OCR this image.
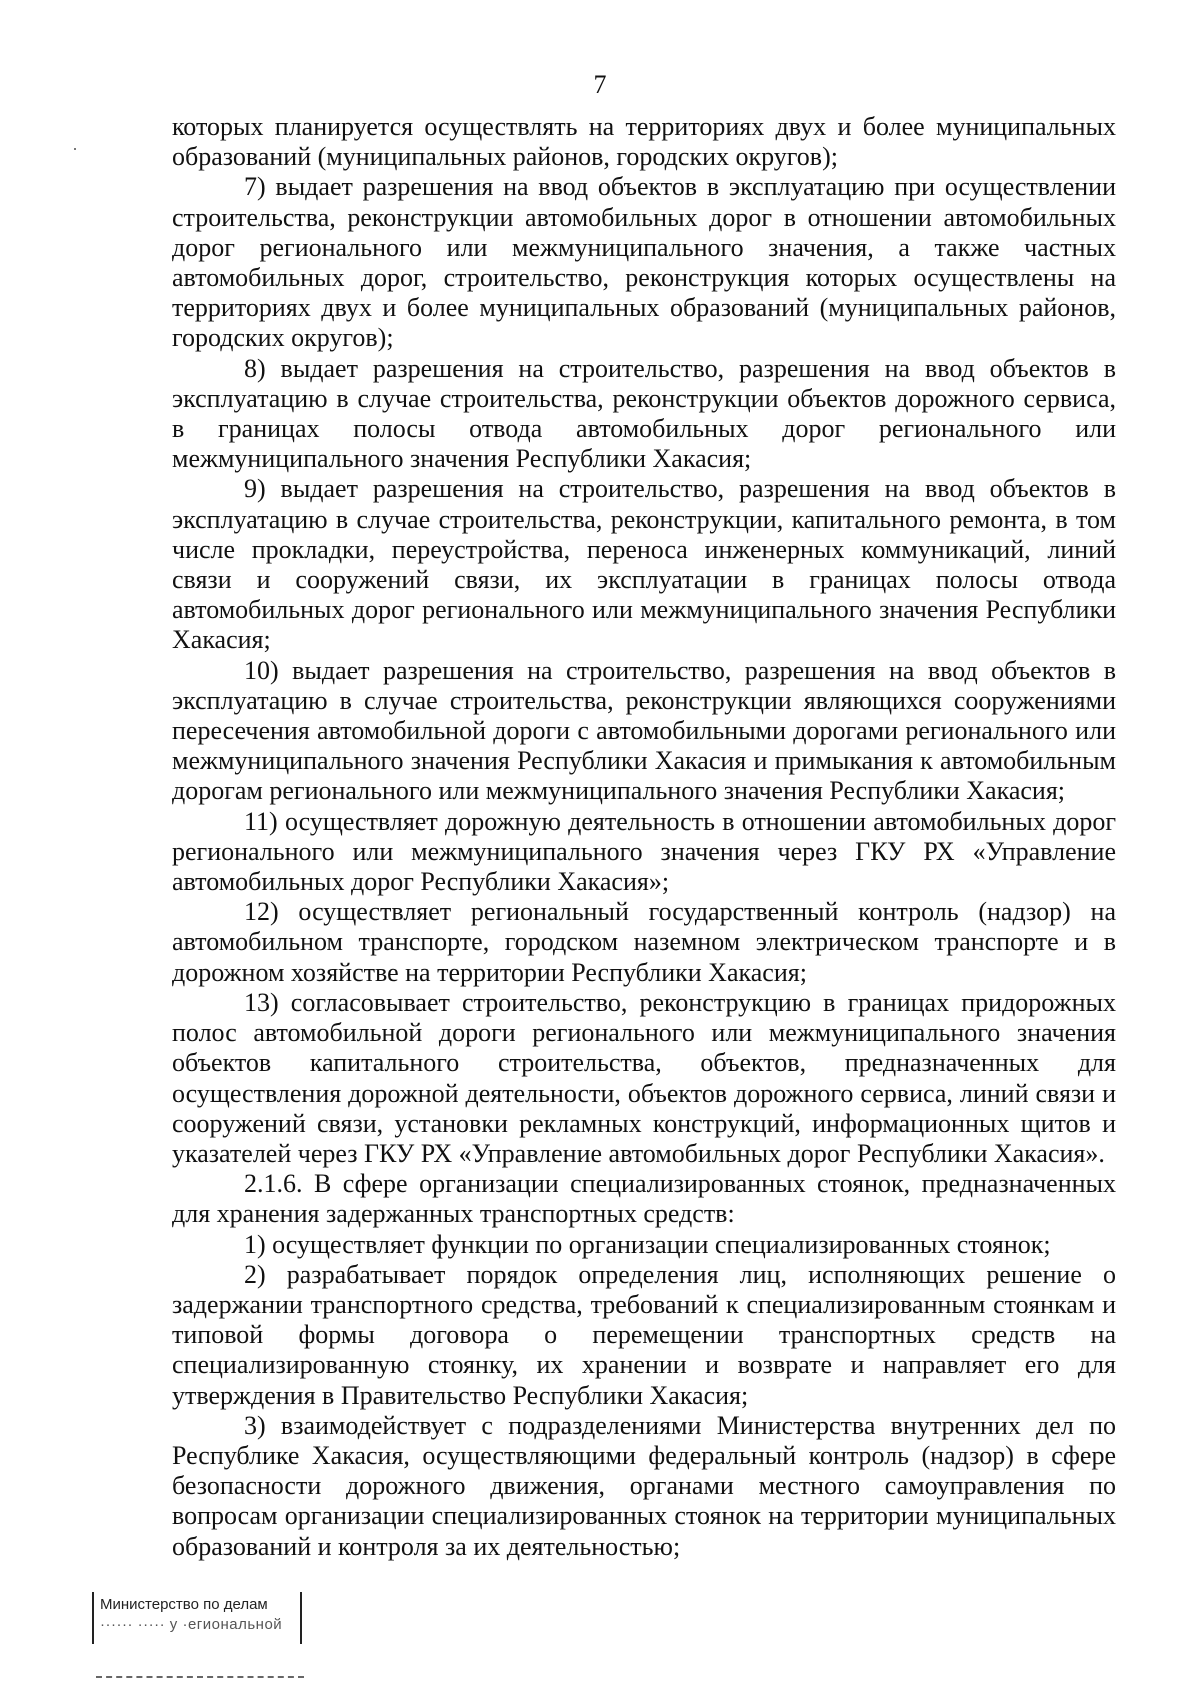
7

которых планируется осуществлять на территориях двух и более муниципальных образований (муниципальных районов, городских округов);

7) выдает разрешения на ввод объектов в эксплуатацию при осуществлении строительства, реконструкции автомобильных дорог в отношении автомобильных дорог регионального или межмуниципального значения, а также частных автомобильных дорог, строительство, реконструкция которых осуществлены на территориях двух и более муниципальных образований (муниципальных районов, городских округов);

8) выдает разрешения на строительство, разрешения на ввод объектов в эксплуатацию в случае строительства, реконструкции объектов дорожного сервиса, в границах полосы отвода автомобильных дорог регионального или межмуниципального значения Республики Хакасия;

9) выдает разрешения на строительство, разрешения на ввод объектов в эксплуатацию в случае строительства, реконструкции, капитального ремонта, в том числе прокладки, переустройства, переноса инженерных коммуникаций, линий связи и сооружений связи, их эксплуатации в границах полосы отвода автомобильных дорог регионального или межмуниципального значения Республики Хакасия;

10) выдает разрешения на строительство, разрешения на ввод объектов в эксплуатацию в случае строительства, реконструкции являющихся сооружениями пересечения автомобильной дороги с автомобильными дорогами регионального или межмуниципального значения Республики Хакасия и примыкания к автомобильным дорогам регионального или межмуниципального значения Республики Хакасия;

11) осуществляет дорожную деятельность в отношении автомобильных дорог регионального или межмуниципального значения через ГКУ РХ «Управление автомобильных дорог Республики Хакасия»;

12) осуществляет региональный государственный контроль (надзор) на автомобильном транспорте, городском наземном электрическом транспорте и в дорожном хозяйстве на территории Республики Хакасия;

13) согласовывает строительство, реконструкцию в границах придорожных полос автомобильной дороги регионального или межмуниципального значения объектов капитального строительства, объектов, предназначенных для осуществления дорожной деятельности, объектов дорожного сервиса, линий связи и сооружений связи, установки рекламных конструкций, информационных щитов и указателей через ГКУ РХ «Управление автомобильных дорог Республики Хакасия».

2.1.6. В сфере организации специализированных стоянок, предназначенных для хранения задержанных транспортных средств:

1) осуществляет функции по организации специализированных стоянок;

2) разрабатывает порядок определения лиц, исполняющих решение о задержании транспортного средства, требований к специализированным стоянкам и типовой формы договора о перемещении транспортных средств на специализированную стоянку, их хранении и возврате и направляет его для утверждения в Правительство Республики Хакасия;

3) взаимодействует с подразделениями Министерства внутренних дел по Республике Хакасия, осуществляющими федеральный контроль (надзор) в сфере безопасности дорожного движения, органами местного самоуправления по вопросам организации специализированных стоянок на территории муниципальных образований и контроля за их деятельностью;

Министерство по делам
······ ····· у ·егиональной
